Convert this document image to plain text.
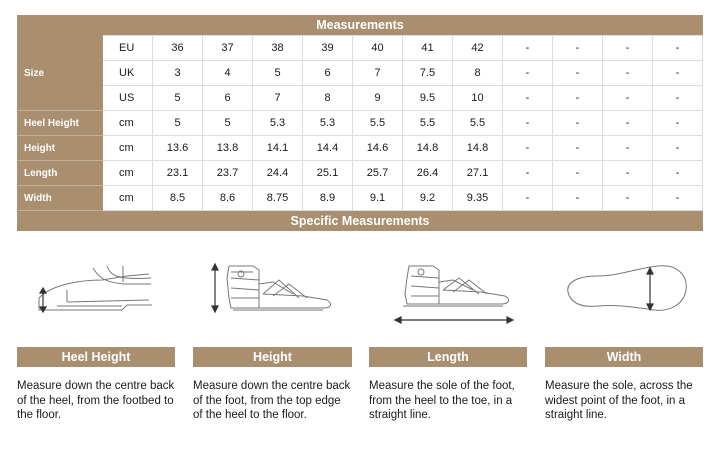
Measurements
Size	EU	36	37	38	39	40	41	42	-	-	-	-
	UK	3	4	5	6	7	7.5	8	-	-	-	-
	US	5	6	7	8	9	9.5	10	-	-	-	-
Heel Height	cm	5	5	5.3	5.3	5.5	5.5	5.5	-	-	-	-
Height	cm	13.6	13.8	14.1	14.4	14.6	14.8	14.8	-	-	-	-
Length	cm	23.1	23.7	24.4	25.1	25.7	26.4	27.1	-	-	-	-
Width	cm	8.5	8.6	8.75	8.9	9.1	9.2	9.35	-	-	-	-
Specific Measurements
Heel Height	Height	Length	Width
Measure down the centre back of the heel, from the footbed to the floor.
Measure down the centre back of the foot, from the top edge of the heel to the floor.
Measure the sole of the foot, from the heel to the toe, in a straight line.
Measure the sole, across the widest point of the foot, in a straight line.
